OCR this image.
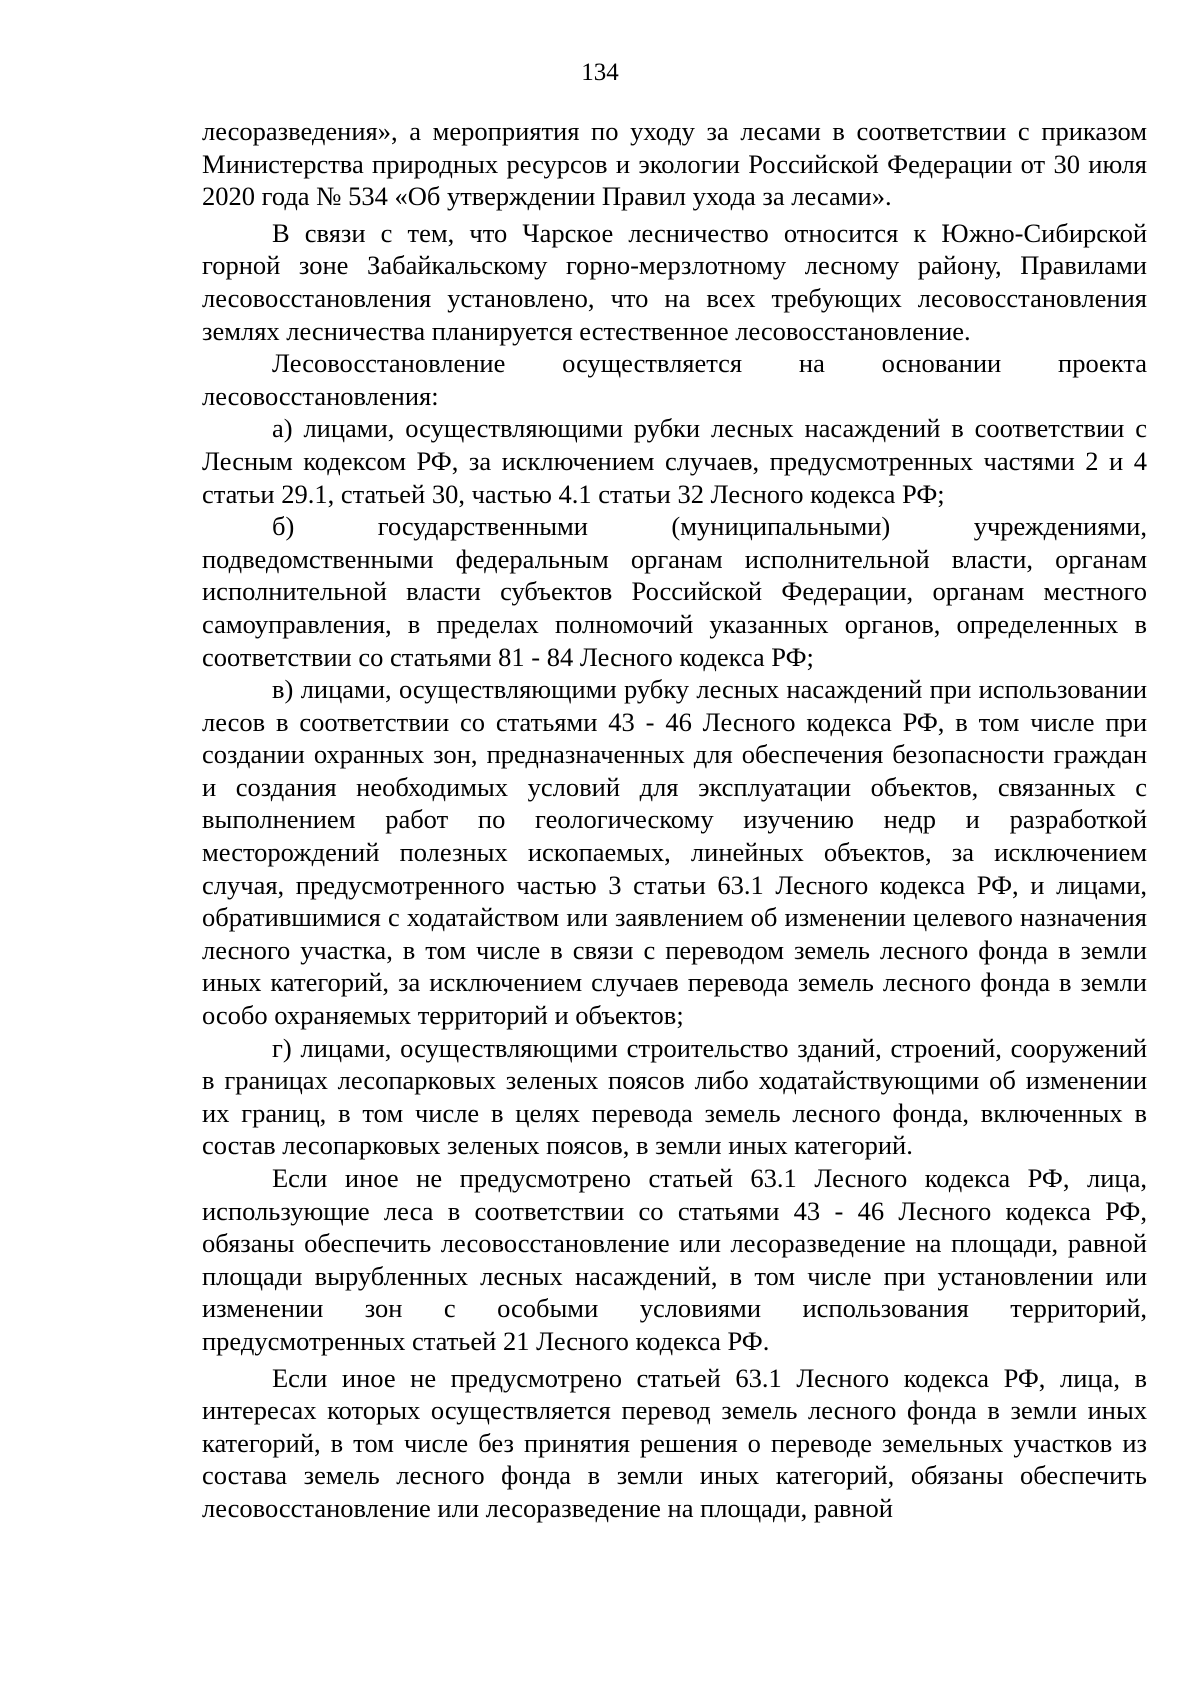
134

лесоразведения», а мероприятия по уходу за лесами в соответствии с приказом Министерства природных ресурсов и экологии Российской Федерации от 30 июля 2020 года № 534 «Об утверждении Правил ухода за лесами».

В связи с тем, что Чарское лесничество относится к Южно-Сибирской горной зоне Забайкальскому горно-мерзлотному лесному району, Правилами лесовосстановления установлено, что на всех требующих лесовосстановления землях лесничества планируется естественное лесовосстановление.

Лесовосстановление осуществляется на основании проекта лесовосстановления:

а) лицами, осуществляющими рубки лесных насаждений в соответствии с Лесным кодексом РФ, за исключением случаев, предусмотренных частями 2 и 4 статьи 29.1, статьей 30, частью 4.1 статьи 32 Лесного кодекса РФ;

б) государственными (муниципальными) учреждениями, подведомственными федеральным органам исполнительной власти, органам исполнительной власти субъектов Российской Федерации, органам местного самоуправления, в пределах полномочий указанных органов, определенных в соответствии со статьями 81 - 84 Лесного кодекса РФ;

в) лицами, осуществляющими рубку лесных насаждений при использовании лесов в соответствии со статьями 43 - 46 Лесного кодекса РФ, в том числе при создании охранных зон, предназначенных для обеспечения безопасности граждан и создания необходимых условий для эксплуатации объектов, связанных с выполнением работ по геологическому изучению недр и разработкой месторождений полезных ископаемых, линейных объектов, за исключением случая, предусмотренного частью 3 статьи 63.1 Лесного кодекса РФ, и лицами, обратившимися с ходатайством или заявлением об изменении целевого назначения лесного участка, в том числе в связи с переводом земель лесного фонда в земли иных категорий, за исключением случаев перевода земель лесного фонда в земли особо охраняемых территорий и объектов;

г) лицами, осуществляющими строительство зданий, строений, сооружений в границах лесопарковых зеленых поясов либо ходатайствующими об изменении их границ, в том числе в целях перевода земель лесного фонда, включенных в состав лесопарковых зеленых поясов, в земли иных категорий.

Если иное не предусмотрено статьей 63.1 Лесного кодекса РФ, лица, использующие леса в соответствии со статьями 43 - 46 Лесного кодекса РФ, обязаны обеспечить лесовосстановление или лесоразведение на площади, равной площади вырубленных лесных насаждений, в том числе при установлении или изменении зон с особыми условиями использования территорий, предусмотренных статьей 21 Лесного кодекса РФ.

Если иное не предусмотрено статьей 63.1 Лесного кодекса РФ, лица, в интересах которых осуществляется перевод земель лесного фонда в земли иных категорий, в том числе без принятия решения о переводе земельных участков из состава земель лесного фонда в земли иных категорий, обязаны обеспечить лесовосстановление или лесоразведение на площади, равной
